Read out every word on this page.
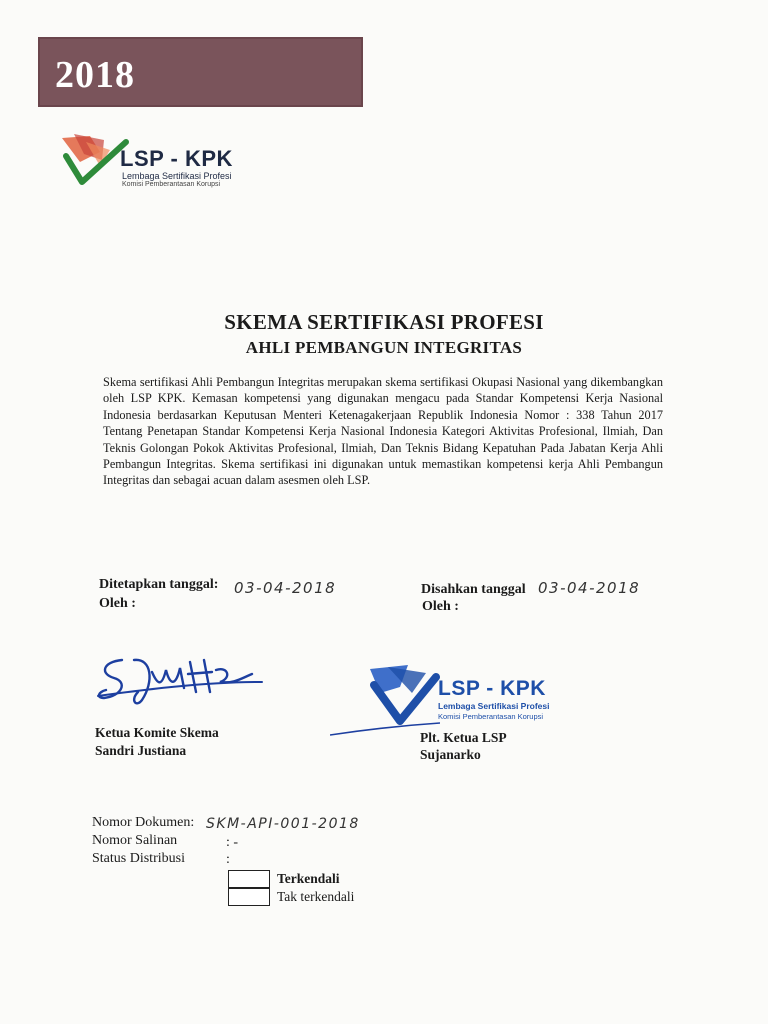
2018
LSP - KPK
Lembaga Sertifikasi Profesi
Komisi Pemberantasan Korupsi
SKEMA SERTIFIKASI PROFESI
AHLI PEMBANGUN INTEGRITAS
Skema sertifikasi Ahli Pembangun Integritas merupakan skema sertifikasi Okupasi Nasional yang dikembangkan oleh LSP KPK. Kemasan kompetensi yang digunakan mengacu pada Standar Kompetensi Kerja Nasional Indonesia berdasarkan Keputusan Menteri Ketenagakerjaan Republik Indonesia Nomor : 338 Tahun 2017 Tentang Penetapan Standar Kompetensi Kerja Nasional Indonesia Kategori Aktivitas Profesional, Ilmiah, Dan Teknis Golongan Pokok Aktivitas Profesional, Ilmiah, Dan Teknis Bidang Kepatuhan Pada Jabatan Kerja Ahli Pembangun Integritas. Skema sertifikasi ini digunakan untuk memastikan kompetensi kerja Ahli Pembangun Integritas dan sebagai acuan dalam asesmen oleh LSP.
Ditetapkan tanggal: 03-04-2018
Oleh :
Ketua Komite Skema
Sandri Justiana
Disahkan tanggal 03-04-2018
Oleh :
LSP - KPK
Lembaga Sertifikasi Profesi
Komisi Pemberantasan Korupsi
Plt. Ketua LSP
Sujanarko
Nomor Dokumen: SKM-API-001-2018
Nomor Salinan	: -
Status Distribusi	:
Terkendali
Tak terkendali
